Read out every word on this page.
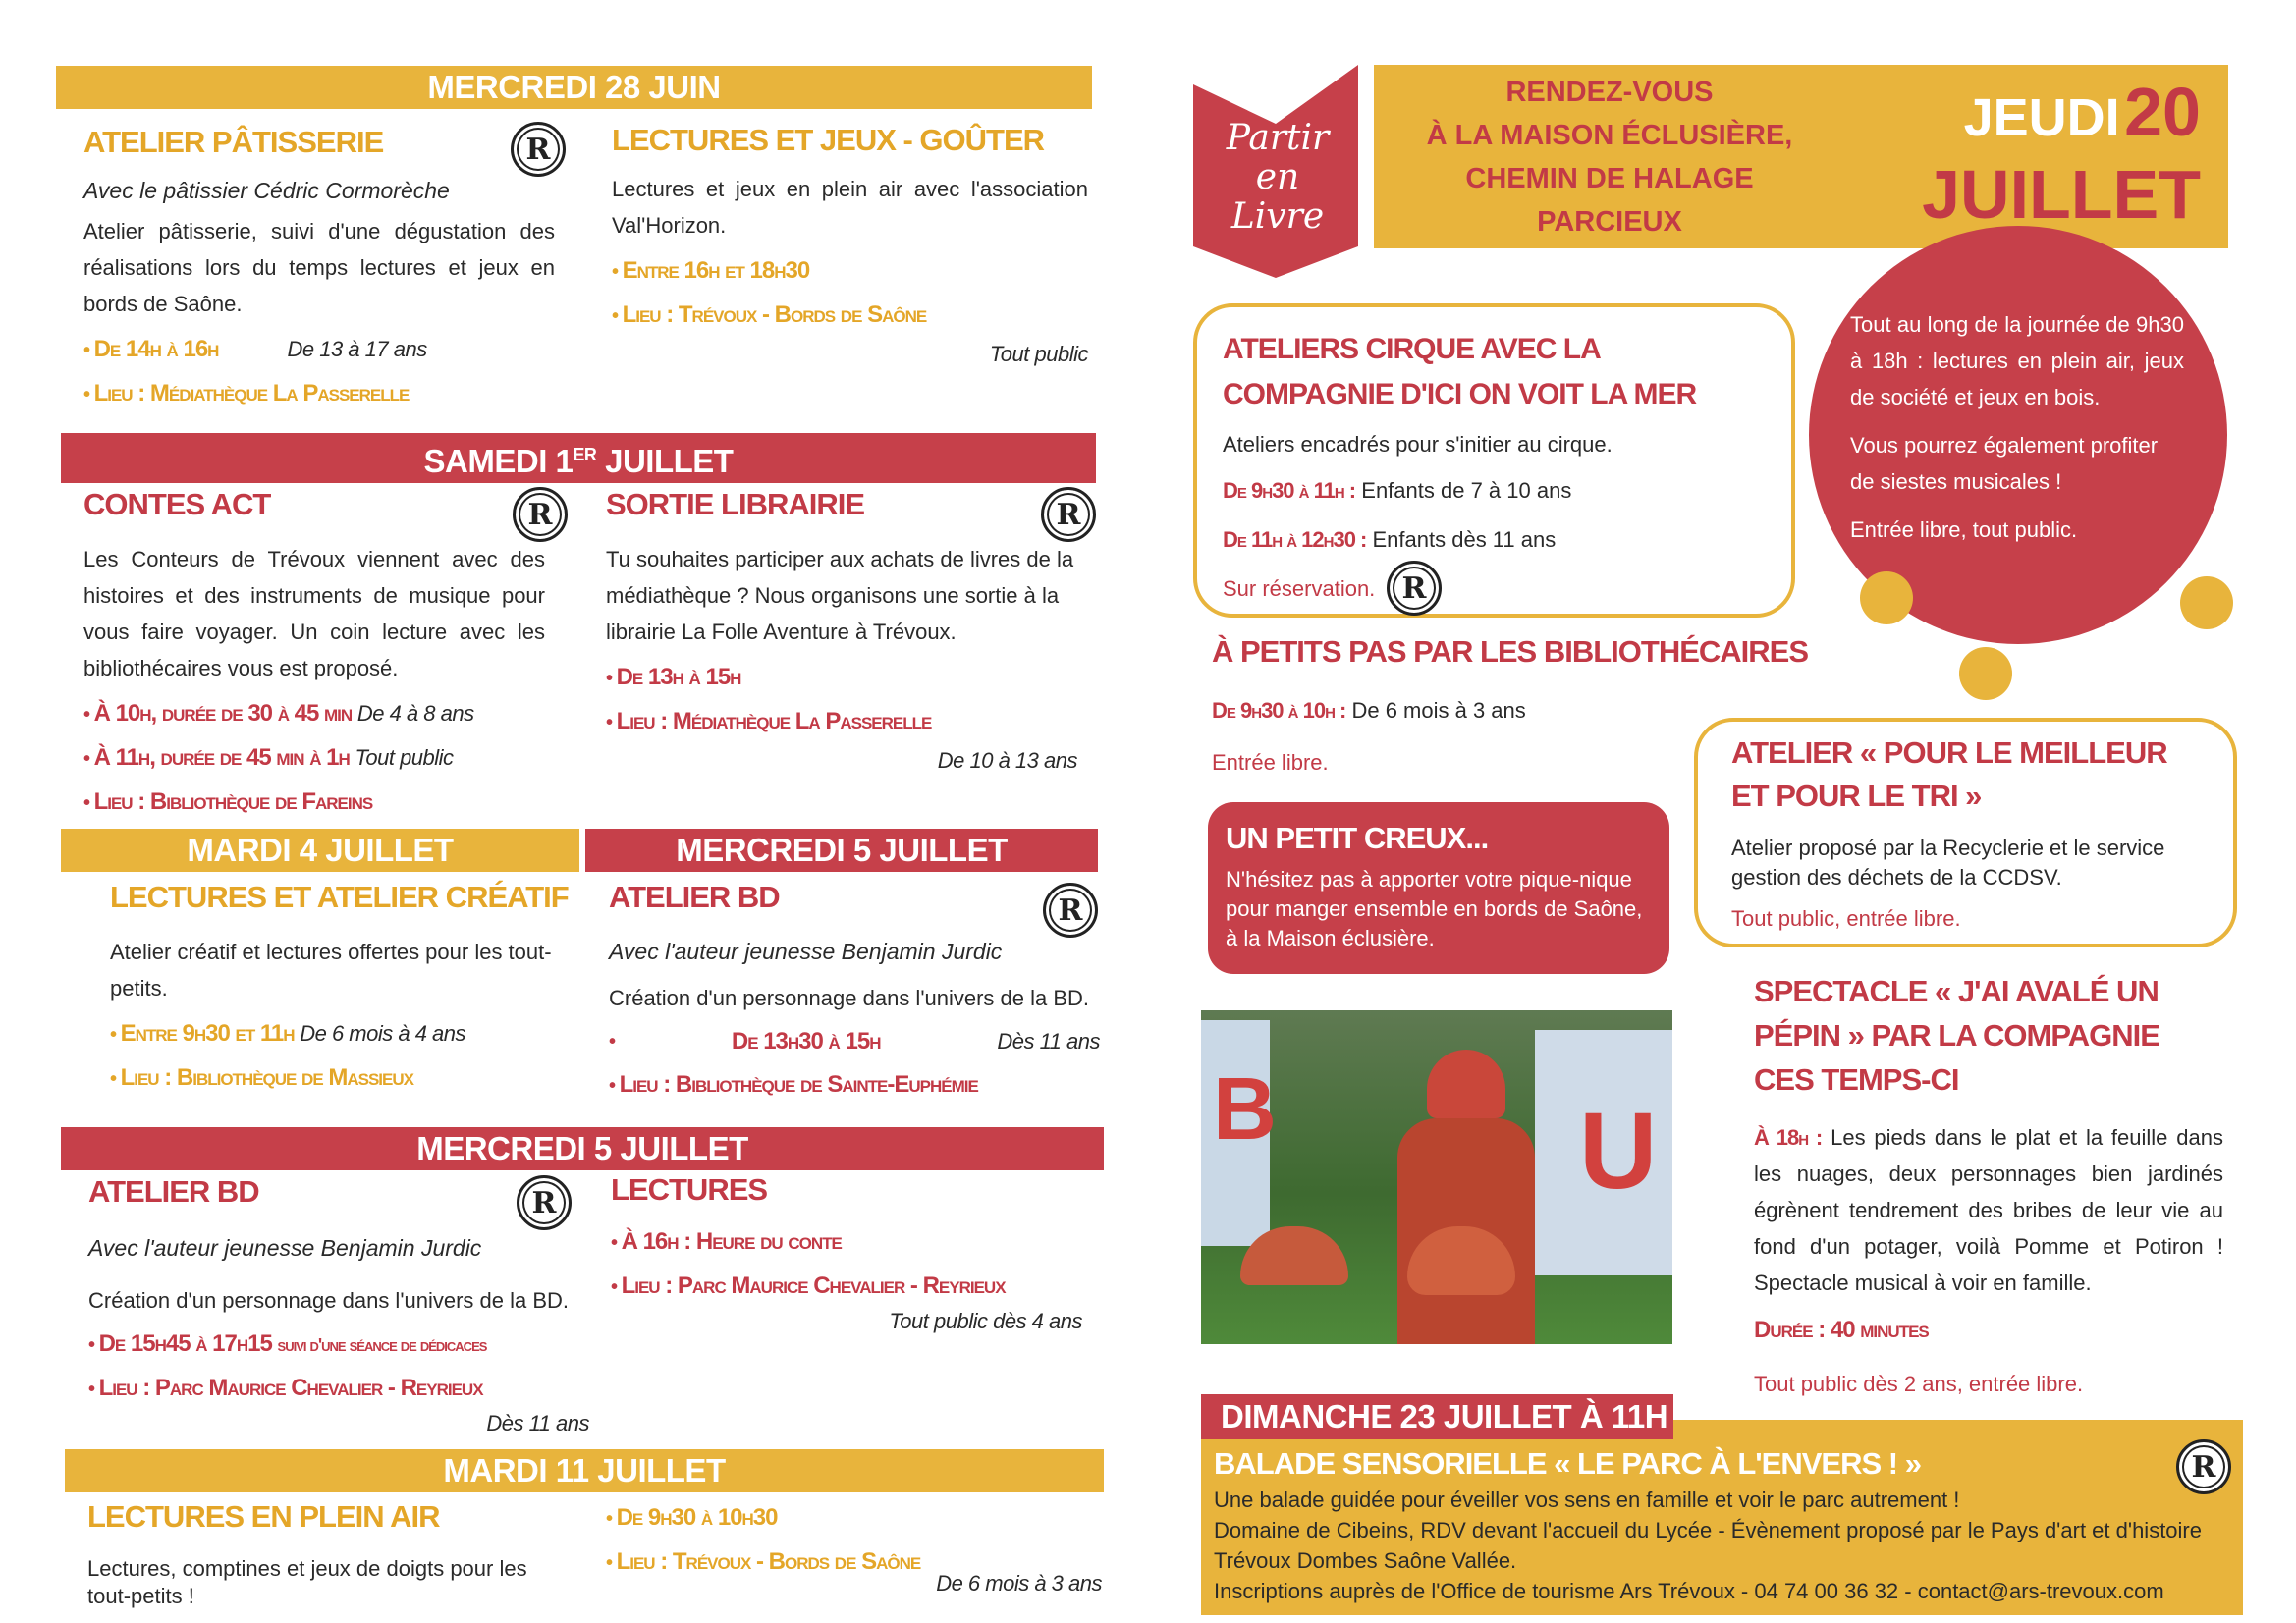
MERCREDI 28 JUIN
ATELIER PÂTISSERIE

Avec le pâtissier Cédric Cormorèche

Atelier pâtisserie, suivi d'une dégustation des réalisations lors du temps lectures et jeux en bords de Saône.

• De 14h à 16h	De 13 à 17 ans
• Lieu : Médiathèque La Passerelle
R	LECTURES ET JEUX - GOÛTER

Lectures et jeux en plein air avec l'association Val'Horizon.

• Entre 16h et 18h30
• Lieu : Trévoux - Bords de Saône
Tout public
SAMEDI 1ER JUILLET
CONTES ACT

Les Conteurs de Trévoux viennent avec des histoires et des instruments de musique pour vous faire voyager. Un coin lecture avec les bibliothécaires vous est proposé.

• À 10h, durée de 30 à 45 min De 4 à 8 ans
• À 11h, durée de 45 min à 1h Tout public
• Lieu : Bibliothèque de Fareins
R	SORTIE LIBRAIRIE

Tu souhaites participer aux achats de livres de la médiathèque ? Nous organisons une sortie à la librairie La Folle Aventure à Trévoux.

• De 13h à 15h
• Lieu : Médiathèque La Passerelle
De 10 à 13 ans
R
MARDI 4 JUILLET	MERCREDI 5 JUILLET
LECTURES ET ATELIER CRÉATIF

Atelier créatif et lectures offertes pour les tout-petits.

• Entre 9h30 et 11h De 6 mois à 4 ans
• Lieu : Bibliothèque de Massieux
ATELIER BD

Avec l'auteur jeunesse Benjamin Jurdic

Création d'un personnage dans l'univers de la BD.

• De 13h30 à 15h	Dès 11 ans
• Lieu : Bibliothèque de Sainte-Euphémie
R
MERCREDI 5 JUILLET
ATELIER BD

Avec l'auteur jeunesse Benjamin Jurdic

Création d'un personnage dans l'univers de la BD.

• De 15h45 à 17h15 suivi d'une séance de dédicaces
• Lieu : Parc Maurice Chevalier - Reyrieux
Dès 11 ans
R	LECTURES
• À 16h : Heure du conte
• Lieu : Parc Maurice Chevalier - Reyrieux
Tout public dès 4 ans
MARDI 11 JUILLET
LECTURES EN PLEIN AIR

Lectures, comptines et jeux de doigts pour les tout-petits !

• De 9h30 à 10h30
• Lieu : Trévoux - Bords de Saône
De 6 mois à 3 ans
Partir en Livre
RENDEZ-VOUS
À LA MAISON ÉCLUSIÈRE,
CHEMIN DE HALAGE
PARCIEUX
JEUDI 20
JUILLET

Tout au long de la journée de 9h30 à 18h : lectures en plein air, jeux de société et jeux en bois.

Vous pourrez également profiter de siestes musicales !

Entrée libre, tout public.

ATELIERS CIRQUE AVEC LA COMPAGNIE D'ICI ON VOIT LA MER

Ateliers encadrés pour s'initier au cirque.

De 9h30 à 11h : Enfants de 7 à 10 ans

De 11h à 12h30 : Enfants dès 11 ans

Sur réservation. R
À PETITS PAS PAR LES BIBLIOTHÉCAIRES

De 9h30 à 10h : De 6 mois à 3 ans

Entrée libre.

UN PETIT CREUX...

N'hésitez pas à apporter votre pique-nique pour manger ensemble en bords de Saône, à la Maison éclusière.

ATELIER « POUR LE MEILLEUR ET POUR LE TRI »

Atelier proposé par la Recyclerie et le service gestion des déchets de la CCDSV.

Tout public, entrée libre.

B	U
SPECTACLE « J'AI AVALÉ UN PÉPIN » PAR LA COMPAGNIE CES TEMPS-CI

À 18h : Les pieds dans le plat et la feuille dans les nuages, deux personnages bien jardinés égrènent tendrement des bribes de leur vie au fond d'un potager, voilà Pomme et Potiron ! Spectacle musical à voir en famille.

Durée : 40 minutes

Tout public dès 2 ans, entrée libre.

DIMANCHE 23 JUILLET À 11H
BALADE SENSORIELLE « LE PARC À L'ENVERS ! »

Une balade guidée pour éveiller vos sens en famille et voir le parc autrement !

Domaine de Cibeins, RDV devant l'accueil du Lycée - Évènement proposé par le Pays d'art et d'histoire Trévoux Dombes Saône Vallée.

Inscriptions auprès de l'Office de tourisme Ars Trévoux - 04 74 00 36 32 - contact@ars-trevoux.com

R
